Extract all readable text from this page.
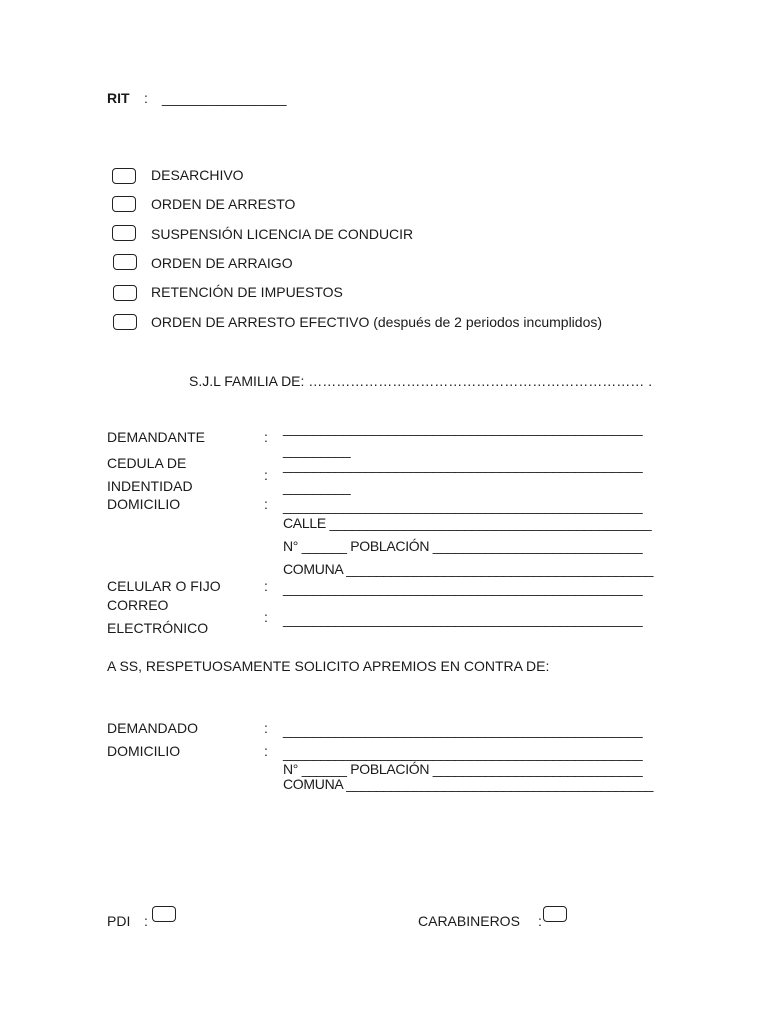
RIT : ________________
DESARCHIVO
ORDEN DE ARRESTO
SUSPENSIÓN LICENCIA DE CONDUCIR
ORDEN DE ARRAIGO
RETENCIÓN DE IMPUESTOS
ORDEN DE ARRESTO EFECTIVO (después de 2 periodos incumplidos)
S.J.L FAMILIA DE: ……………………………………………………………… .
DEMANDANTE	:
________________________________________________
_________
CEDULA DE
INDENTIDAD
:
________________________________________________
_________
DOMICILIO	: ________________________________________________
CALLE ___________________________________________
N° ______ POBLACIÓN ____________________________
COMUNA _________________________________________
CELULAR O FIJO	: ________________________________________________
CORREO
ELECTRÓNICO
: ________________________________________________
A SS, RESPETUOSAMENTE SOLICITO APREMIOS EN CONTRA DE:
DEMANDADO	: ________________________________________________
DOMICILIO	: ________________________________________________
N° ______ POBLACIÓN ____________________________
COMUNA _________________________________________
PDI :	CARABINEROS :
